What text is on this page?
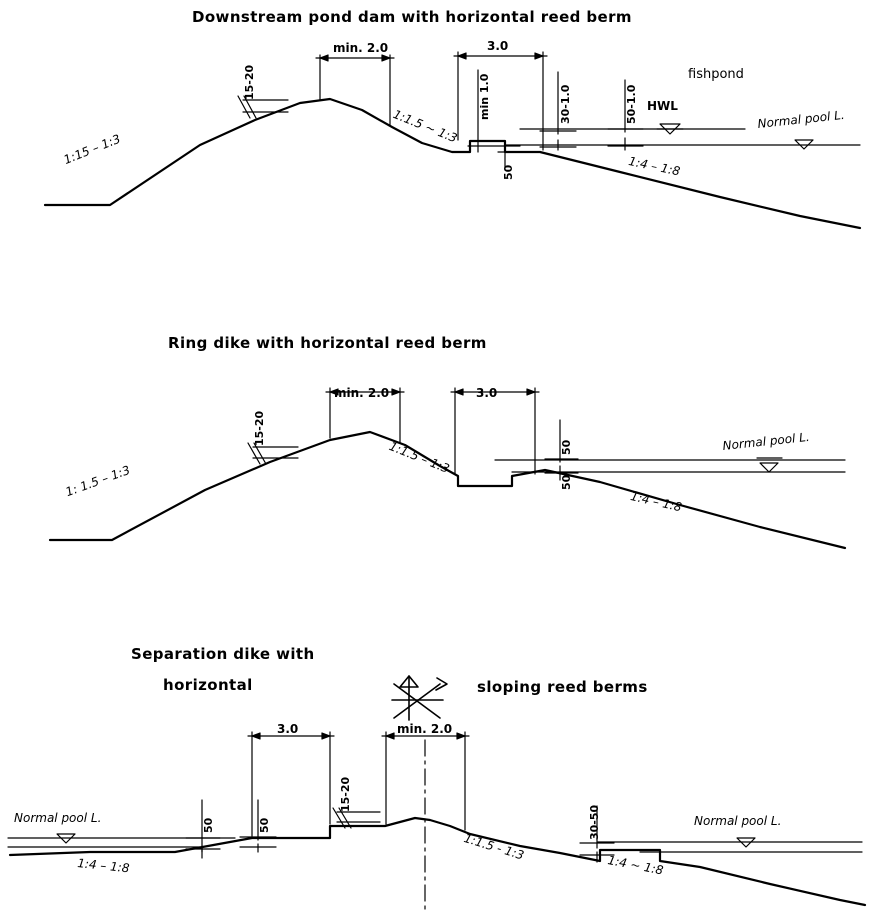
Downstream pond dam with horizontal reed berm
min. 2.0	3.0
15-20	min 1.0	30-1.0	50-1.0
50
1:15 – 1:3
1:1.5 ~ 1:3
1:4 – 1:8
fishpond
HWL
Normal pool L.
Ring dike with horizontal reed berm
min. 2.0	3.0
15-20
50
50
1: 1.5 – 1:3
1:1.5 – 1:3
1:4 – 1:8
Normal pool L.
Separation dike with
horizontal	sloping reed berms
3.0	min. 2.0
15-20
50	50	30-50
1:1.5 - 1:3
1:4 – 1:8	1:4 ~ 1:8
Normal pool L.	Normal pool L.
